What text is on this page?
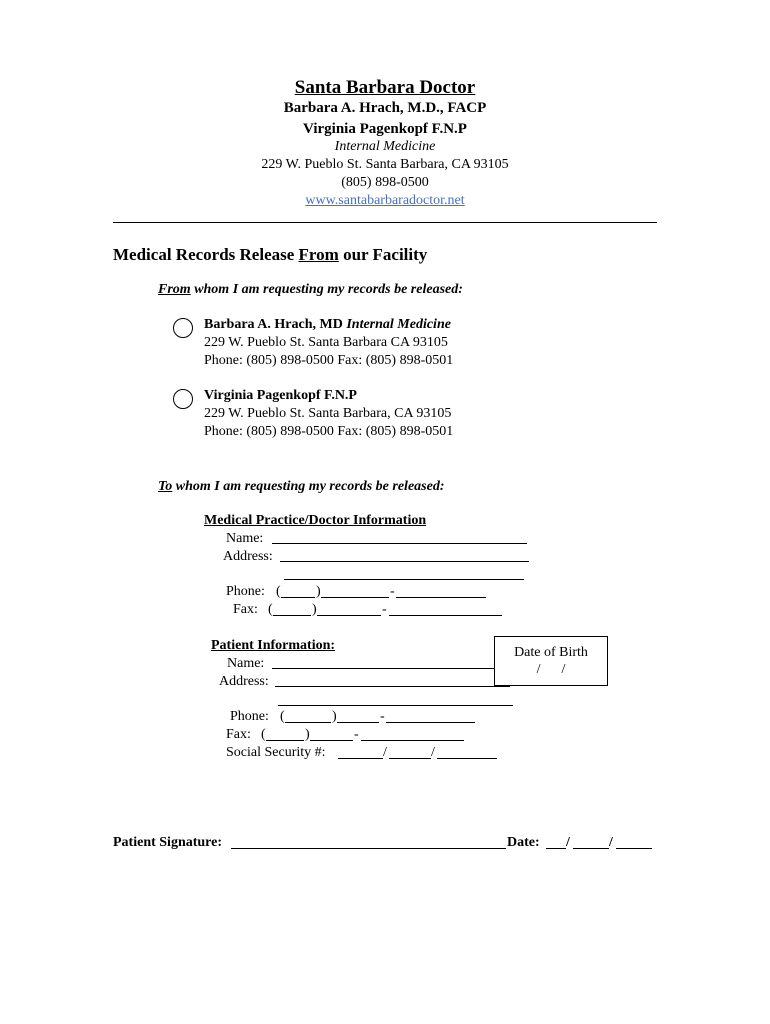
Santa Barbara Doctor
Barbara A. Hrach, M.D., FACP
Virginia Pagenkopf F.N.P
Internal Medicine
229 W. Pueblo St. Santa Barbara, CA 93105
(805) 898-0500
www.santabarbaradoctor.net
Medical Records Release From our Facility
From whom I am requesting my records be released:
Barbara A. Hrach, MD Internal Medicine
229 W. Pueblo St. Santa Barbara CA 93105
Phone: (805) 898-0500 Fax: (805) 898-0501
Virginia Pagenkopf F.N.P
229 W. Pueblo St. Santa Barbara, CA 93105
Phone: (805) 898-0500 Fax: (805) 898-0501
To whom I am requesting my records be released:
Medical Practice/Doctor Information
Name:
Address:
Phone: (	)	-
Fax: (	)	-
Patient Information:
Name:
Address:
Date of Birth
/      /
Phone: (	)	-
Fax: (	)	-
Social Security #:	/	/
Patient Signature:	Date: /	/
